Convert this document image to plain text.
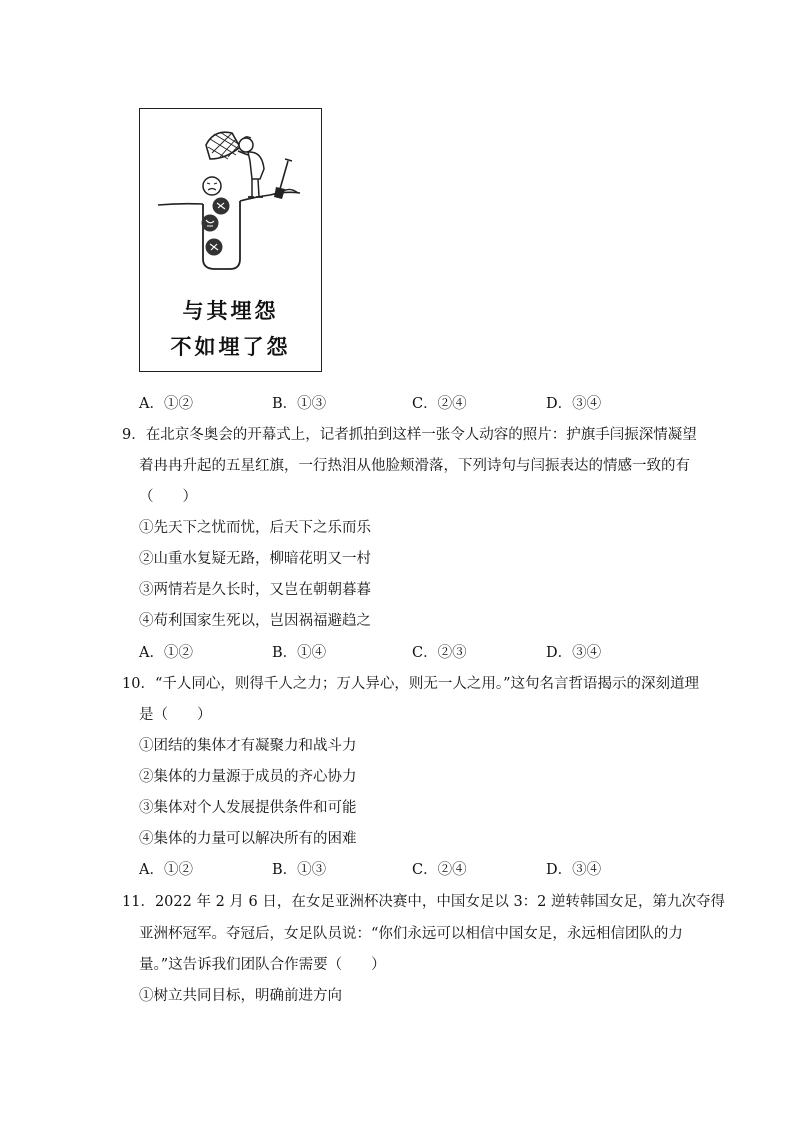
与其埋怨
不如埋了怨
A．①②	B．①③	C．②④	D．③④
9．在北京冬奥会的开幕式上，记者抓拍到这样一张令人动容的照片：护旗手闫振深情凝望
着冉冉升起的五星红旗，一行热泪从他脸颊滑落，下列诗句与闫振表达的情感一致的有
（　　）
①先天下之忧而忧，后天下之乐而乐
②山重水复疑无路，柳暗花明又一村
③两情若是久长时，又岂在朝朝暮暮
④苟利国家生死以，岂因祸福避趋之
A．①②	B．①④	C．②③	D．③④
10．“千人同心，则得千人之力；万人异心，则无一人之用。”这句名言哲语揭示的深刻道理
是（　　）
①团结的集体才有凝聚力和战斗力
②集体的力量源于成员的齐心协力
③集体对个人发展提供条件和可能
④集体的力量可以解决所有的困难
A．①②	B．①③	C．②④	D．③④
11．2022 年 2 月 6 日，在女足亚洲杯决赛中，中国女足以 3：2 逆转韩国女足，第九次夺得
亚洲杯冠军。夺冠后，女足队员说：“你们永远可以相信中国女足，永远相信团队的力
量。”这告诉我们团队合作需要（　　）
①树立共同目标，明确前进方向
